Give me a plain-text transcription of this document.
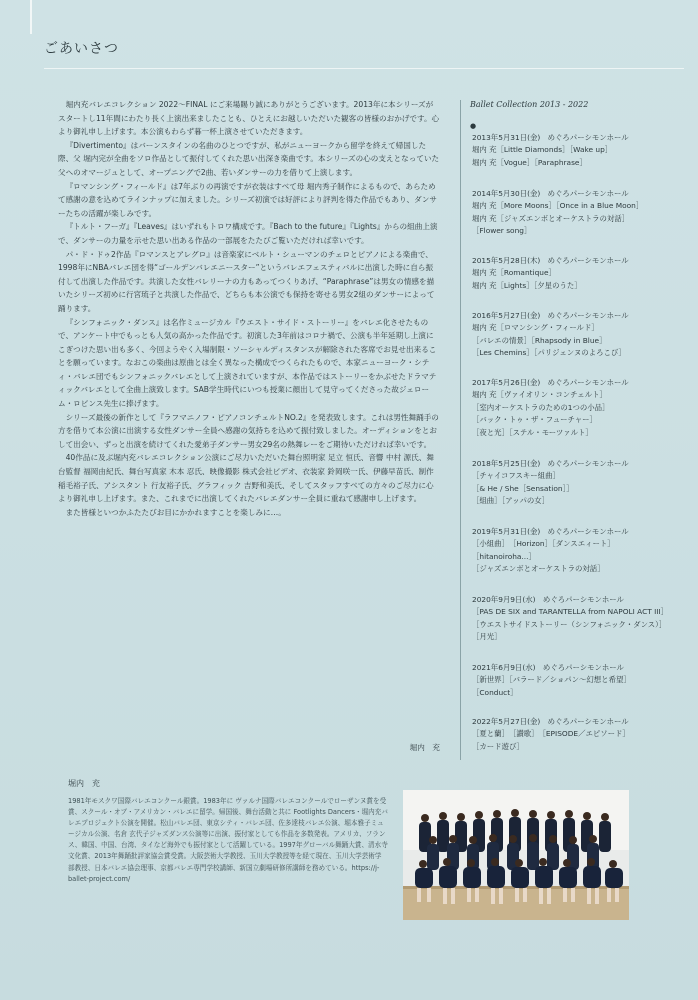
ごあいさつ

堀内充バレエコレクション 2022～FINAL にご来場賜り誠にありがとうございます。2013年に本シリーズがスタートし11年間にわたり長く上演出来ましたことも、ひとえにお越しいただいた観客の皆様のおかげです。心より御礼申し上げます。本公演もわらず暮一杯上演させていただきます。

『Divertimento』はバーンスタインの名曲のひとつですが、私がニューヨークから留学を終えて帰国した際、父 堀内完が全曲をソロ作品として振付してくれた思い出深き楽曲です。本シリーズの心の支えとなっていた父へのオマージュとして、オープニングで2曲、若いダンサーの力を借りて上演します。

『ロマンシング・フィールド』は7年ぶりの再演ですが衣装はすべて母 堀内秀子制作によるもので、あらためて感謝の意を込めてラインナップに加えました。シリーズ初演では好評により評判を得た作品でもあり、ダンサーたちの活躍が楽しみです。

『トルト・フーガ』『Leaves』はいずれもトロワ構成です。『Bach to the future』『Lights』からの組曲上演で、ダンサーの力量を示せた思い出ある作品の一部展をたたびご覧いただければ幸いです。

パ・ド・ドゥ2作品『ロマンスとアレグロ』は音楽家にベルト・シューマンのチェロとピアノによる楽曲で、1998年にNBAバレエ団を得“ゴールデンバレエニースター”というバレエフェスティバルに出演した時に自ら振付して出演した作品です。共演した女性バレリーナの力もあってつくりあげ、“Paraphrase”は男女の情感を描いたシリーズ初めに行宮琉子と共演した作品で、どちらも本公演でも保持を寄せる男女2組のダンサーによって踊ります。

『シンフォニック・ダンス』は名作ミュージカル『ウエスト・サイド・ストーリー』をバレエ化させたもので、アンケート中でもっとも人気の高かった作品です。初演した3年前はコロナ禍で、公演も半年延期し上演にこぎつけた思い出も多く、今回ようやく入場制限・ソーシャルディスタンスが解除された客席でお見せ出来ることを願っています。なおこの楽曲は原曲とは全く異なった構成でつくられたもので、本家ニューヨーク・シティ・バレエ団でもシンフォニックバレエとして上演されていますが、本作品ではストーリーをかぶせたドラマティックバレエとして全曲上演致します。SAB学生時代にいつも授業に顔出して見守ってくださった故ジェローム・ロビンス先生に捧げます。

シリーズ最後の新作として『ラフマニノフ・ピアノコンチェルトNO.2』を発表致します。これは男性舞踊手の方を借りて本公演に出演する女性ダンサー全員へ感謝の気持ちを込めて振付致しました。オーディションをとおして出会い、ずっと出演を続けてくれた愛弟子ダンサー男女29名の熱舞レーをご期待いただければ幸いです。

40作品に及ぶ堀内充バレエコレクション公演にご尽力いただいた舞台照明家 足立 恒氏、音響 中村 源氏、舞台監督 福岡由紀氏、舞台写真家 木本 忍氏、映像撮影 株式会社ビデオ、衣装家 鈴岡咲一氏、伊藤早苗氏、制作 稲毛裕子氏、アシスタント 行友裕子氏、グラフィック 吉野和美氏、そしてスタッフすべての方々のご尽力に心より御礼申し上げます。また、これまでに出演してくれたバレエダンサー全員に重ねて感謝申し上げます。

また皆様といつかふたたびお目にかかれますことを楽しみに…。

堀内　充
Ballet Collection 2013 - 2022
●
2013年5月31日(金)　めぐろパーシモンホール
堀内 充［Little Diamonds］［Wake up］
堀内 充［Vogue］［Paraphrase］
2014年5月30日(金)　めぐろパーシモンホール
堀内 充［More Moons］［Once in a Blue Moon］
堀内 充［ジャズエンボとオーケストラの対話］
［Flower song］
2015年5月28日(木)　めぐろパーシモンホール
堀内 充［Romantique］
堀内 充［Lights］［夕星のうた］
2016年5月27日(金)　めぐろパーシモンホール
堀内 充［ロマンシング・フィールド］
［バレエの情景］［Rhapsody in Blue］
［Les Chemins］［パリジェンヌのよろこび］
2017年5月26日(金)　めぐろパーシモンホール
堀内 充［ヴァイオリン・コンチェルト］
［室内オーケストラのための1つの小品］
［バック・トゥ・ザ・フューチャー］
［夜と光］［ステル・モーツァルト］
2018年5月25日(金)　めぐろパーシモンホール
［チャイコフスキー組曲］
［& He / She［Sensation］］
［組曲］［アッパの女］
2019年5月31日(金)　めぐろパーシモンホール
［小組曲］　［Horizon］［ダンスエィート］
［hitanoiroha...］
［ジャズエンボとオーケストラの対話］
2020年9月9日(水)　めぐろパーシモンホール
［PAS DE SIX and TARANTELLA from NAPOLI ACT III］
［ウエストサイドストーリー（シンフォニック・ダンス）］
［月光］
2021年6月9日(水)　めぐろパーシモンホール
［新世界］［バラード／ショパン～幻想と希望］
［Conduct］
2022年5月27日(金)　めぐろパーシモンホール
［夏と蘭］　［讃歌］　［EPISODE／エピソード］
［カード遊び］
堀内　充
1981年モスクワ国際バレエコンクール銀賞。1983年に ヴァルナ国際バレエコンクールでローザンヌ賞を受賞、スクール・オブ・アメリカン・バレエに留学。帰国後、舞台活動と共に Footlights Dancers・堀内充バレエプロジェクト公演を開催。松山バレエ団、東京シティ・バレエ団、佐多達枝バレエ公演、堀本雅子ミュージカル公演、名倉 玄代子ジャズダンス公演等に出演、振付家としても作品を多数発表。アメリカ、フランス、韓国、中国、台湾、タイなど海外でも振付家として活躍している。1997年グローバル舞踊大賞、清水寺 文化賞、2013年舞踊批評家協会賞受賞。大阪芸術大学教授、玉川大学教授等を経て現在、玉川大学芸術学部教授、日本バレエ協会理事、京都バレエ専門学校講師、新国立劇場研修所講師を務めている。https://j-ballet-project.com/
